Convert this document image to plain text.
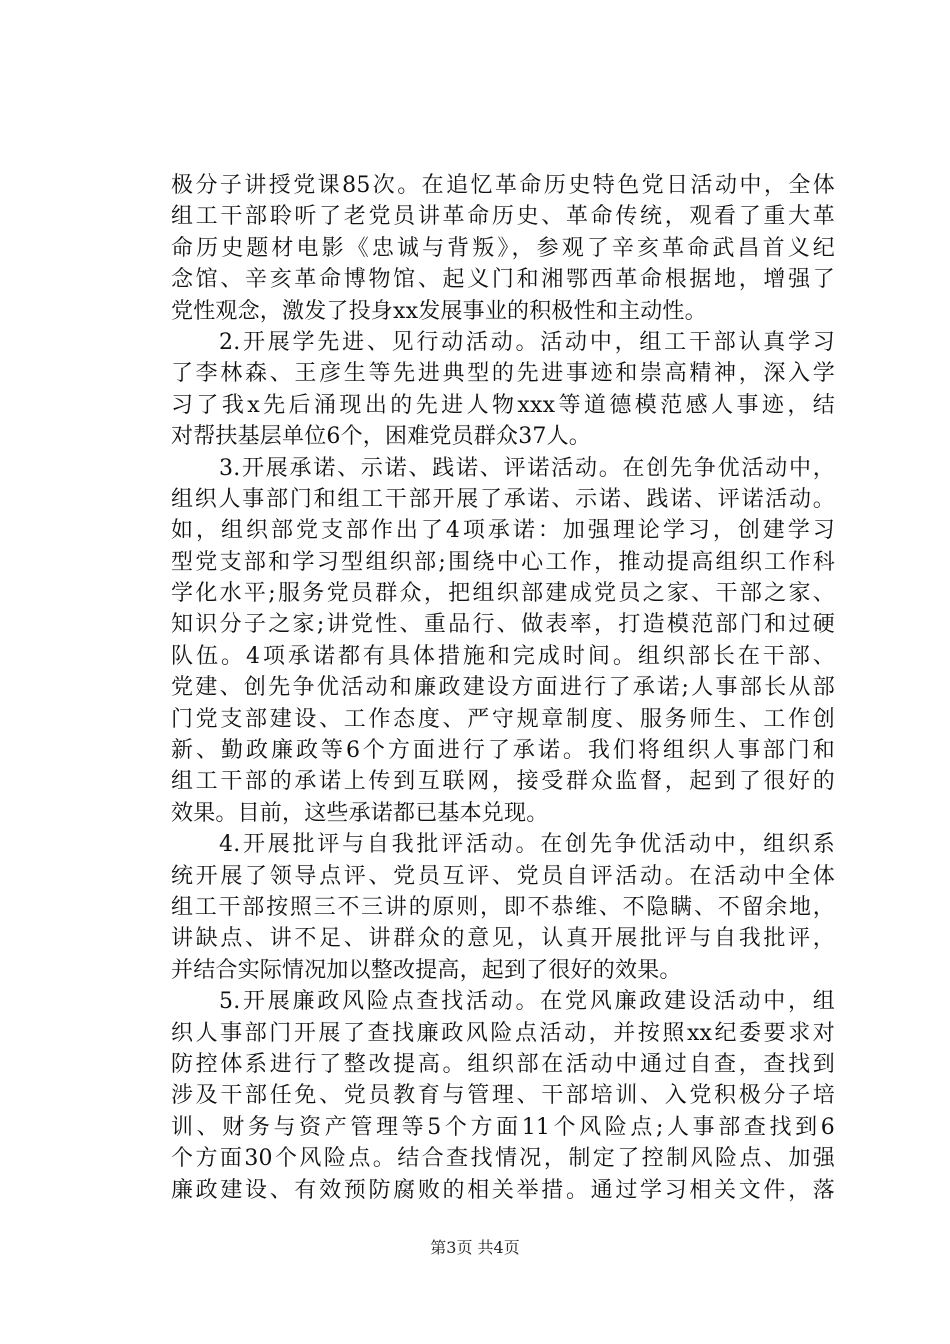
极分子讲授党课85次。在追忆革命历史特色党日活动中，全体
组工干部聆听了老党员讲革命历史、革命传统，观看了重大革
命历史题材电影《忠诚与背叛》，参观了辛亥革命武昌首义纪
念馆、辛亥革命博物馆、起义门和湘鄂西革命根据地，增强了
党性观念，激发了投身xx发展事业的积极性和主动性。
2.开展学先进、见行动活动。活动中，组工干部认真学习
了李林森、王彦生等先进典型的先进事迹和崇高精神，深入学
习了我x先后涌现出的先进人物xxx等道德模范感人事迹，结
对帮扶基层单位6个，困难党员群众37人。
3.开展承诺、示诺、践诺、评诺活动。在创先争优活动中，
组织人事部门和组工干部开展了承诺、示诺、践诺、评诺活动。
如，组织部党支部作出了4项承诺：加强理论学习，创建学习
型党支部和学习型组织部;围绕中心工作，推动提高组织工作科
学化水平;服务党员群众，把组织部建成党员之家、干部之家、
知识分子之家;讲党性、重品行、做表率，打造模范部门和过硬
队伍。4项承诺都有具体措施和完成时间。组织部长在干部、
党建、创先争优活动和廉政建设方面进行了承诺;人事部长从部
门党支部建设、工作态度、严守规章制度、服务师生、工作创
新、勤政廉政等6个方面进行了承诺。我们将组织人事部门和
组工干部的承诺上传到互联网，接受群众监督，起到了很好的
效果。目前，这些承诺都已基本兑现。
4.开展批评与自我批评活动。在创先争优活动中，组织系
统开展了领导点评、党员互评、党员自评活动。在活动中全体
组工干部按照三不三讲的原则，即不恭维、不隐瞒、不留余地，
讲缺点、讲不足、讲群众的意见，认真开展批评与自我批评，
并结合实际情况加以整改提高，起到了很好的效果。
5.开展廉政风险点查找活动。在党风廉政建设活动中，组
织人事部门开展了查找廉政风险点活动，并按照xx纪委要求对
防控体系进行了整改提高。组织部在活动中通过自查，查找到
涉及干部任免、党员教育与管理、干部培训、入党积极分子培
训、财务与资产管理等5个方面11个风险点;人事部查找到6
个方面30个风险点。结合查找情况，制定了控制风险点、加强
廉政建设、有效预防腐败的相关举措。通过学习相关文件，落
第3页 共4页
